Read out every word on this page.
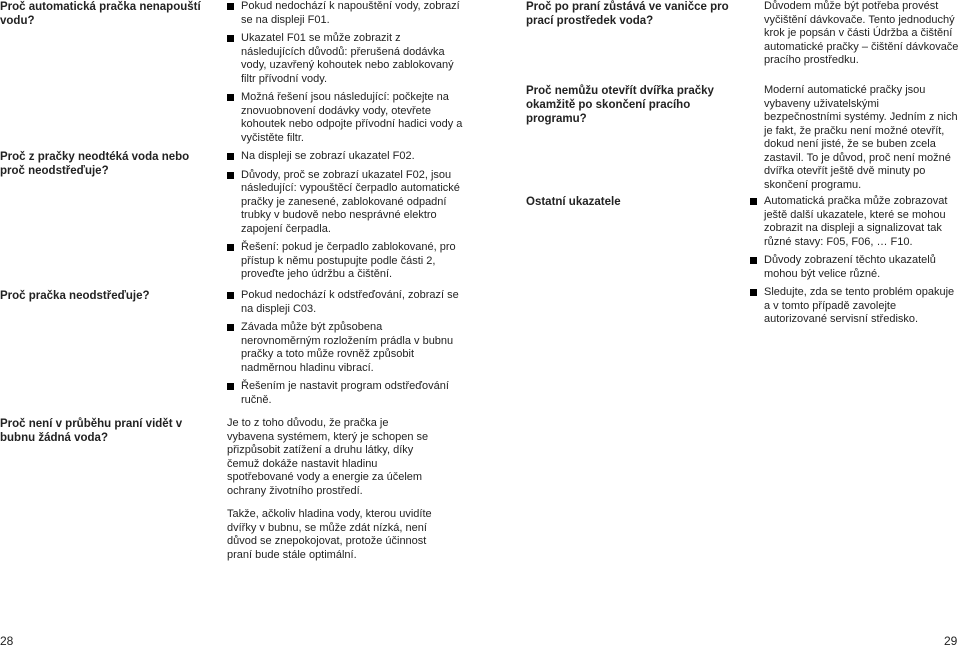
Proč automatická pračka nenapouští vodu?

Pokud nedochází k napouštění vody, zobrazí se na displeji F01.

Ukazatel F01 se může zobrazit z následujících důvodů: přerušená dodávka vody, uzavřený kohoutek nebo zablokovaný filtr přívodní vody.

Možná řešení jsou následující: počkejte na znovuobnovení dodávky vody, otevřete kohoutek nebo odpojte přívodní hadici vody a vyčistěte filtr.

Proč z pračky neodtéká voda nebo proč neodstřeďuje?

Na displeji se zobrazí ukazatel F02.

Důvody, proč se zobrazí ukazatel F02, jsou následující: vypouštěcí čerpadlo automatické pračky je zanesené, zablokované odpadní trubky v budově nebo nesprávné elektro zapojení čerpadla.

Řešení: pokud je čerpadlo zablokované, pro přístup k němu postupujte podle části 2, proveďte jeho údržbu a čištění.

Proč pračka neodstřeďuje?	Pokud nedochází k odstřeďování, zobrazí se na displeji C03.

Závada může být způsobena nerovnoměrným rozložením prádla v bubnu pračky a toto může rovněž způsobit nadměrnou hladinu vibrací.

Řešením je nastavit program odstřeďování ručně.

Proč není v průběhu praní vidět v bubnu žádná voda?

Je to z toho důvodu, že pračka je vybavena systémem, který je schopen se přizpůsobit zatížení a druhu látky, díky čemuž dokáže nastavit hladinu spotřebované vody a energie za účelem ochrany životního prostředí.

Takže, ačkoliv hladina vody, kterou uvidíte dvířky v bubnu, se může zdát nízká, není důvod se znepokojovat, protože účinnost praní bude stále optimální.

28
Proč po praní zůstává ve vaničce pro prací prostředek voda?

Důvodem může být potřeba provést vyčištění dávkovače. Tento jednoduchý krok je popsán v části Údržba a čištění automatické pračky – čištění dávkovače pracího prostředku.

Proč nemůžu otevřít dvířka pračky okamžitě po skončení pracího programu?

Moderní automatické pračky jsou vybaveny uživatelskými bezpečnostními systémy. Jedním z nich je fakt, že pračku není možné otevřít, dokud není jisté, že se buben zcela zastavil. To je důvod, proč není možné dvířka otevřít ještě dvě minuty po skončení programu.

Ostatní ukazatele	Automatická pračka může zobrazovat ještě další ukazatele, které se mohou zobrazit na displeji a signalizovat tak různé stavy: F05, F06, … F10.

Důvody zobrazení těchto ukazatelů mohou být velice různé.

Sledujte, zda se tento problém opakuje a v tomto případě zavolejte autorizované servisní středisko.

29
